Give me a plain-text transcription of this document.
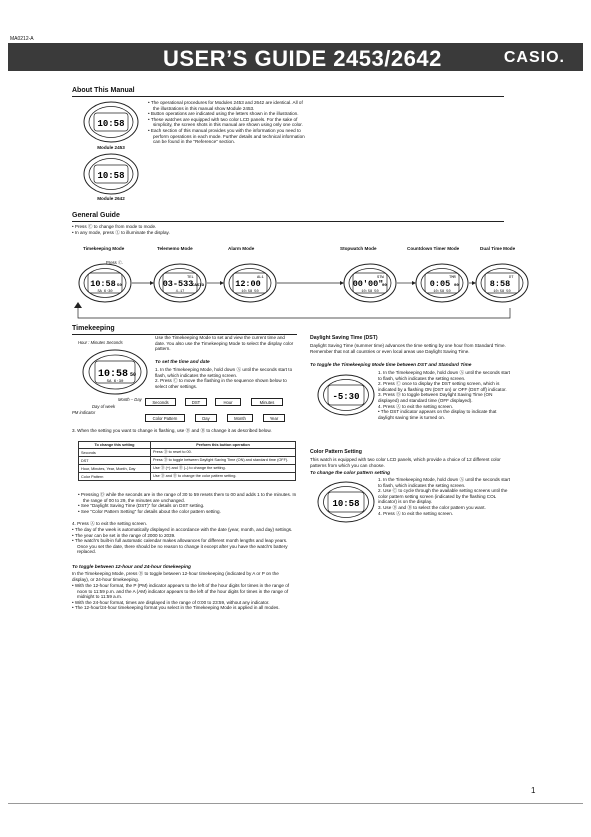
MA0212-A
USER’S GUIDE 2453/2642	CASIO.
About This Manual
10:58
Module 2453
10:58
Module 2642
• The operational procedures for Modules 2453 and 2642 are identical. All of the illustrations in this manual show Module 2453.
• Button operations are indicated using the letters shown in the illustration.
• These watches are equipped with two color LCD panels. For the sake of simplicity, the screen shots in this manual are shown using only one color.
• Each section of this manual provides you with the information you need to perform operations in each mode. Further details and technical information can be found in the "Reference" section.
General Guide
• Press Ⓒ to change from mode to mode.
• In any mode, press Ⓛ to illuminate the display.
Timekeeping Mode	Telememo Mode	Alarm Mode	Stopwatch Mode	Countdown Timer Mode	Dual Time Mode
Press Ⓒ.
10:58 50
SA 6·30
03-533
CASIO
TEL
4-17
12:00
AL1
10:58 50
00'00"
00
STW
10:58 50
0:05 00
TMR
10:58 50
8:58
DT
10:58 50
Timekeeping
Hour : Minutes Seconds
10:58 50
SA 6·30
Month – Day
Day of week
PM indicator
Use the Timekeeping Mode to set and view the current time and date. You also use the Timekeeping Mode to select the display color pattern.
To set the time and date
1. In the Timekeeping Mode, hold down Ⓐ until the seconds start to flash, which indicates the setting screen.
2. Press Ⓒ to move the flashing in the sequence shown below to select other settings.
Seconds	DST	Hour	Minutes
Color Pattern	Day	Month	Year
3. When the setting you want to change is flashing, use Ⓓ and Ⓑ to change it as described below.
To change this setting	Perform this button operation
Seconds	Press Ⓓ to reset to 00.
DST	Press Ⓓ to toggle between Daylight Saving Time (ON) and standard time (OFF).
Hour, Minutes, Year, Month, Day	Use Ⓓ (+) and Ⓑ (–) to change the setting.
Color Pattern	Use Ⓓ and Ⓑ to change the color pattern setting.
• Pressing Ⓓ while the seconds are in the range of 30 to 59 resets them to 00 and adds 1 to the minutes. In the range of 00 to 29, the minutes are unchanged.
• See "Daylight Saving Time (DST)" for details on DST setting.
• See "Color Pattern Setting" for details about the color pattern setting.
4. Press Ⓐ to exit the setting screen.
• The day of the week is automatically displayed in accordance with the date (year, month, and day) settings.
• The year can be set in the range of 2000 to 2039.
• The watch's built-in full automatic calendar makes allowances for different month lengths and leap years. Once you set the date, there should be no reason to change it except after you have the watch's battery replaced.
To toggle between 12-hour and 24-hour timekeeping
In the Timekeeping Mode, press Ⓓ to toggle between 12-hour timekeeping (indicated by A or P on the display), or 24-hour timekeeping.
• With the 12-hour format, the P (PM) indicator appears to the left of the hour digits for times in the range of noon to 11:59 p.m. and the A (AM) indicator appears to the left of the hour digits for times in the range of midnight to 11:59 a.m.
• With the 24-hour format, times are displayed in the range of 0:00 to 23:59, without any indicator.
• The 12-hour/24-hour timekeeping format you select in the Timekeeping Mode is applied in all modes.
Daylight Saving Time (DST)
Daylight Saving Time (summer time) advances the time setting by one hour from Standard Time. Remember that not all countries or even local areas use Daylight Saving Time.
To toggle the Timekeeping Mode time between DST and Standard Time
-5:30
1. In the Timekeeping Mode, hold down Ⓐ until the seconds start to flash, which indicates the setting screen.
2. Press Ⓒ once to display the DST setting screen, which is indicated by a flashing ON (DST on) or OFF (DST off) indicator.
3. Press Ⓓ to toggle between Daylight Saving Time (ON displayed) and standard time (OFF displayed).
4. Press Ⓐ to exit the setting screen.
• The DST indicator appears on the display to indicate that daylight saving time is turned on.
Color Pattern Setting
This watch is equipped with two color LCD panels, which provide a choice of 12 different color patterns from which you can choose.
To change the color pattern setting
10:58
1. In the Timekeeping Mode, hold down Ⓐ until the seconds start to flash, which indicates the setting screen.
2. Use Ⓒ to cycle through the available setting screens until the color pattern setting screen (indicated by the flashing COL indicator) is on the display.
3. Use Ⓓ and Ⓑ to select the color pattern you want.
4. Press Ⓐ to exit the setting screen.
1
